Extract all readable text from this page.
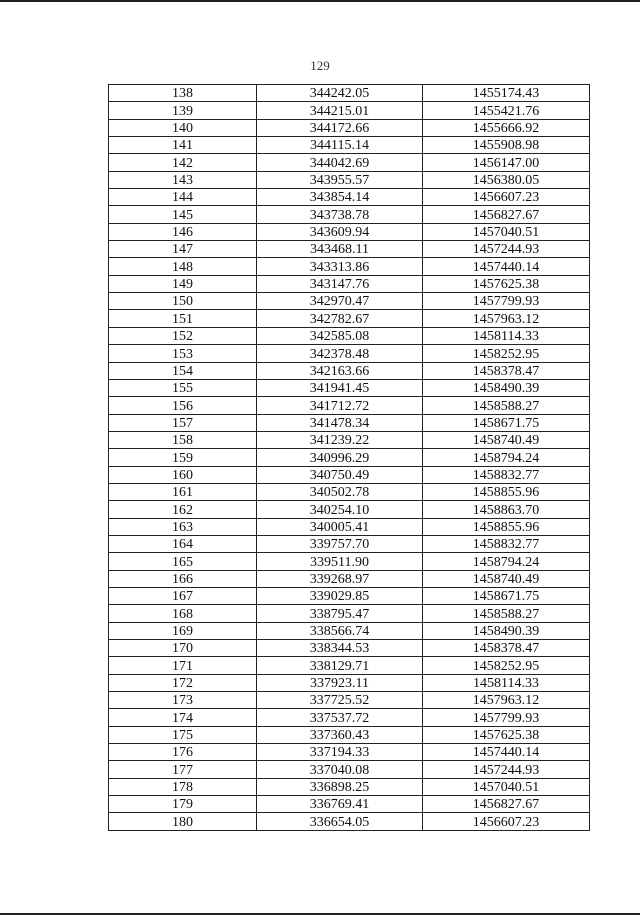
129
138	344242.05	1455174.43
139	344215.01	1455421.76
140	344172.66	1455666.92
141	344115.14	1455908.98
142	344042.69	1456147.00
143	343955.57	1456380.05
144	343854.14	1456607.23
145	343738.78	1456827.67
146	343609.94	1457040.51
147	343468.11	1457244.93
148	343313.86	1457440.14
149	343147.76	1457625.38
150	342970.47	1457799.93
151	342782.67	1457963.12
152	342585.08	1458114.33
153	342378.48	1458252.95
154	342163.66	1458378.47
155	341941.45	1458490.39
156	341712.72	1458588.27
157	341478.34	1458671.75
158	341239.22	1458740.49
159	340996.29	1458794.24
160	340750.49	1458832.77
161	340502.78	1458855.96
162	340254.10	1458863.70
163	340005.41	1458855.96
164	339757.70	1458832.77
165	339511.90	1458794.24
166	339268.97	1458740.49
167	339029.85	1458671.75
168	338795.47	1458588.27
169	338566.74	1458490.39
170	338344.53	1458378.47
171	338129.71	1458252.95
172	337923.11	1458114.33
173	337725.52	1457963.12
174	337537.72	1457799.93
175	337360.43	1457625.38
176	337194.33	1457440.14
177	337040.08	1457244.93
178	336898.25	1457040.51
179	336769.41	1456827.67
180	336654.05	1456607.23
